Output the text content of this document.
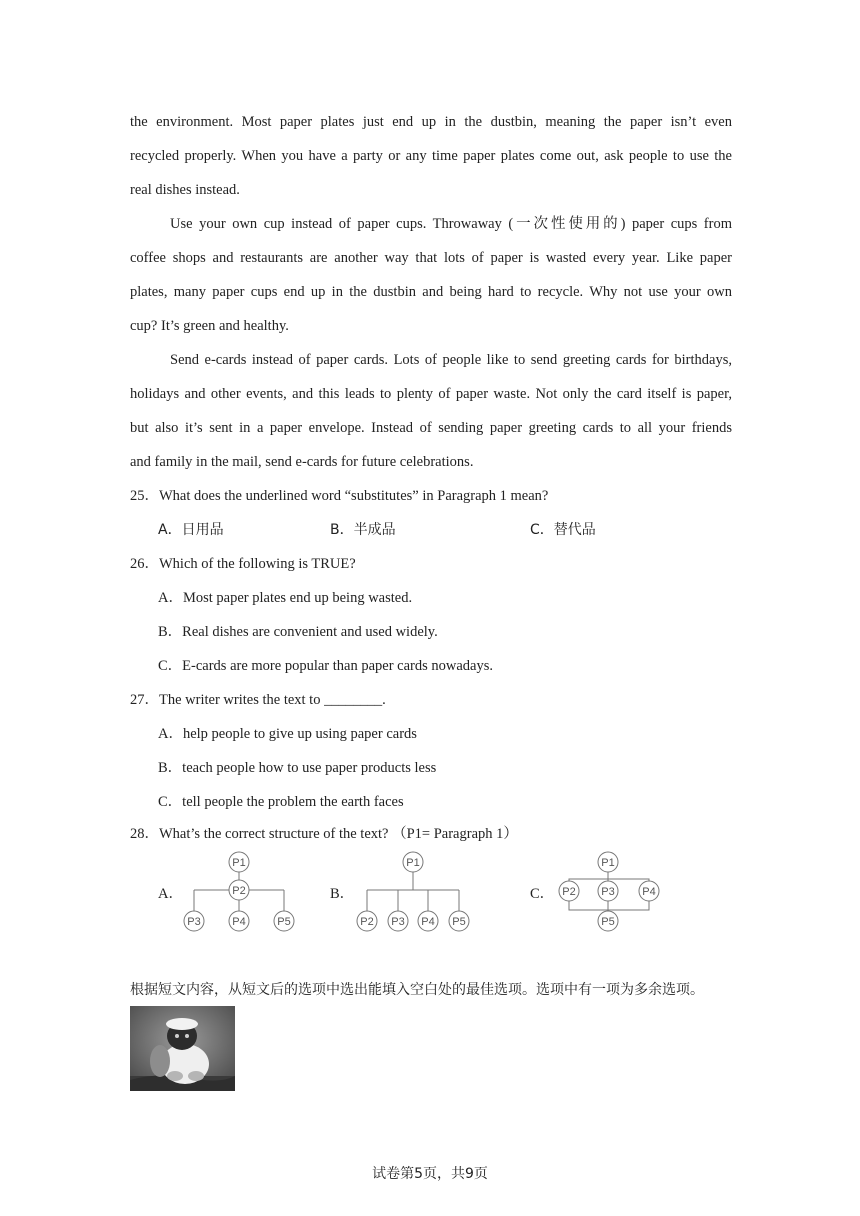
the environment. Most paper plates just end up in the dustbin, meaning the paper isn’t even
recycled properly. When you have a party or any time paper plates come out, ask people to use the
real dishes instead.
Use your own cup instead of paper cups. Throwaway (一次性使用的) paper cups from
coffee shops and restaurants are another way that lots of paper is wasted every year. Like paper
plates, many paper cups end up in the dustbin and being hard to recycle. Why not use your own
cup? It’s green and healthy.
Send e-cards instead of paper cards. Lots of people like to send greeting cards for birthdays,
holidays and other events, and this leads to plenty of paper waste. Not only the card itself is paper,
but also it’s sent in a paper envelope. Instead of sending paper greeting cards to all your friends
and family in the mail, send e-cards for future celebrations.
25．What does the underlined word “substitutes” in Paragraph 1 mean?
A．日用品	B．半成品	C．替代品
26．Which of the following is TRUE?
A．Most paper plates end up being wasted.
B．Real dishes are convenient and used widely.
C．E-cards are more popular than paper cards nowadays.
27．The writer writes the text to ________.
A．help people to give up using paper cards
B．teach people how to use paper products less
C．tell people the problem the earth faces
28．What’s the correct structure of the text? （P1= Paragraph 1）
A．	B．	C．
P1
P2
P3	P4	P5
P1
P2 P3 P4 P5
P1
P2 P3	P4
P5
根据短文内容，从短文后的选项中选出能填入空白处的最佳选项。选项中有一项为多余选项。
试卷第5页，共9页
